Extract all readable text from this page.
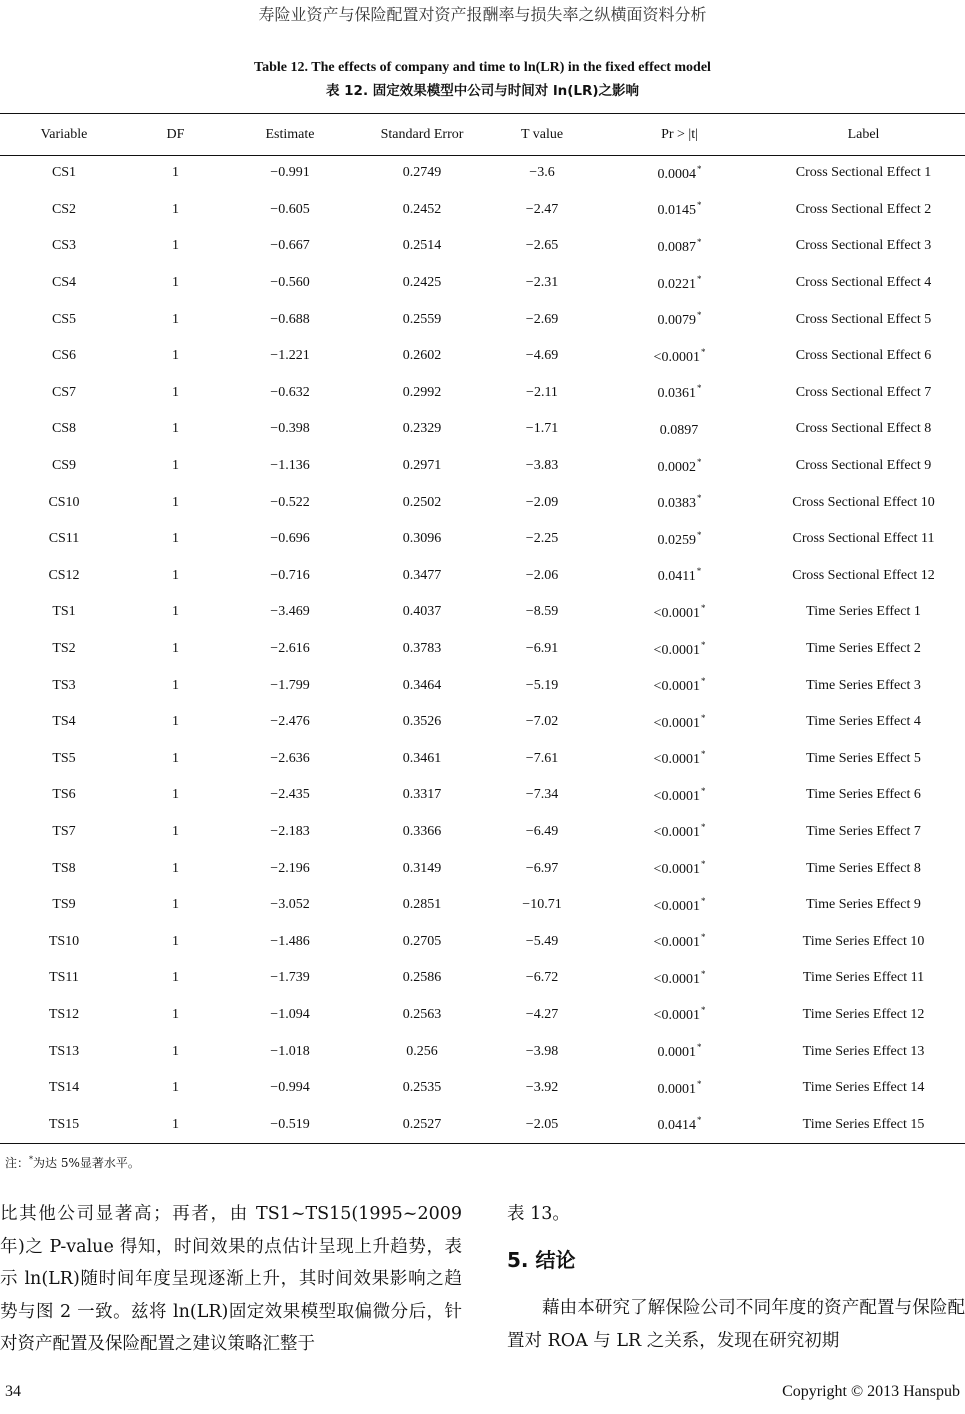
寿险业资产与保险配置对资产报酬率与损失率之纵横面资料分析
Table 12. The effects of company and time to ln(LR) in the fixed effect model
表 12. 固定效果模型中公司与时间对 ln(LR)之影响
Variable	DF	Estimate	Standard Error	T value	Pr > |t|	Label
CS1	1	−0.991	0.2749	−3.6	0.0004*	Cross Sectional Effect 1
CS2	1	−0.605	0.2452	−2.47	0.0145*	Cross Sectional Effect 2
CS3	1	−0.667	0.2514	−2.65	0.0087*	Cross Sectional Effect 3
CS4	1	−0.560	0.2425	−2.31	0.0221*	Cross Sectional Effect 4
CS5	1	−0.688	0.2559	−2.69	0.0079*	Cross Sectional Effect 5
CS6	1	−1.221	0.2602	−4.69	<0.0001*	Cross Sectional Effect 6
CS7	1	−0.632	0.2992	−2.11	0.0361*	Cross Sectional Effect 7
CS8	1	−0.398	0.2329	−1.71	0.0897	Cross Sectional Effect 8
CS9	1	−1.136	0.2971	−3.83	0.0002*	Cross Sectional Effect 9
CS10	1	−0.522	0.2502	−2.09	0.0383*	Cross Sectional Effect 10
CS11	1	−0.696	0.3096	−2.25	0.0259*	Cross Sectional Effect 11
CS12	1	−0.716	0.3477	−2.06	0.0411*	Cross Sectional Effect 12
TS1	1	−3.469	0.4037	−8.59	<0.0001*	Time Series Effect 1
TS2	1	−2.616	0.3783	−6.91	<0.0001*	Time Series Effect 2
TS3	1	−1.799	0.3464	−5.19	<0.0001*	Time Series Effect 3
TS4	1	−2.476	0.3526	−7.02	<0.0001*	Time Series Effect 4
TS5	1	−2.636	0.3461	−7.61	<0.0001*	Time Series Effect 5
TS6	1	−2.435	0.3317	−7.34	<0.0001*	Time Series Effect 6
TS7	1	−2.183	0.3366	−6.49	<0.0001*	Time Series Effect 7
TS8	1	−2.196	0.3149	−6.97	<0.0001*	Time Series Effect 8
TS9	1	−3.052	0.2851	−10.71	<0.0001*	Time Series Effect 9
TS10	1	−1.486	0.2705	−5.49	<0.0001*	Time Series Effect 10
TS11	1	−1.739	0.2586	−6.72	<0.0001*	Time Series Effect 11
TS12	1	−1.094	0.2563	−4.27	<0.0001*	Time Series Effect 12
TS13	1	−1.018	0.256	−3.98	0.0001*	Time Series Effect 13
TS14	1	−0.994	0.2535	−3.92	0.0001*	Time Series Effect 14
TS15	1	−0.519	0.2527	−2.05	0.0414*	Time Series Effect 15
注：*为达 5%显著水平。
比其他公司显著高；再者，由 TS1~TS15(1995~2009年)之 P-value 得知，时间效果的点估计呈现上升趋势，表示 ln(LR)随时间年度呈现逐渐上升，其时间效果影响之趋势与图 2 一致。兹将 ln(LR)固定效果模型取偏微分后，针对资产配置及保险配置之建议策略汇整于
表 13。
5. 结论
藉由本研究了解保险公司不同年度的资产配置与保险配置对 ROA 与 LR 之关系，发现在研究初期
34	Copyright © 2013 Hanspub
